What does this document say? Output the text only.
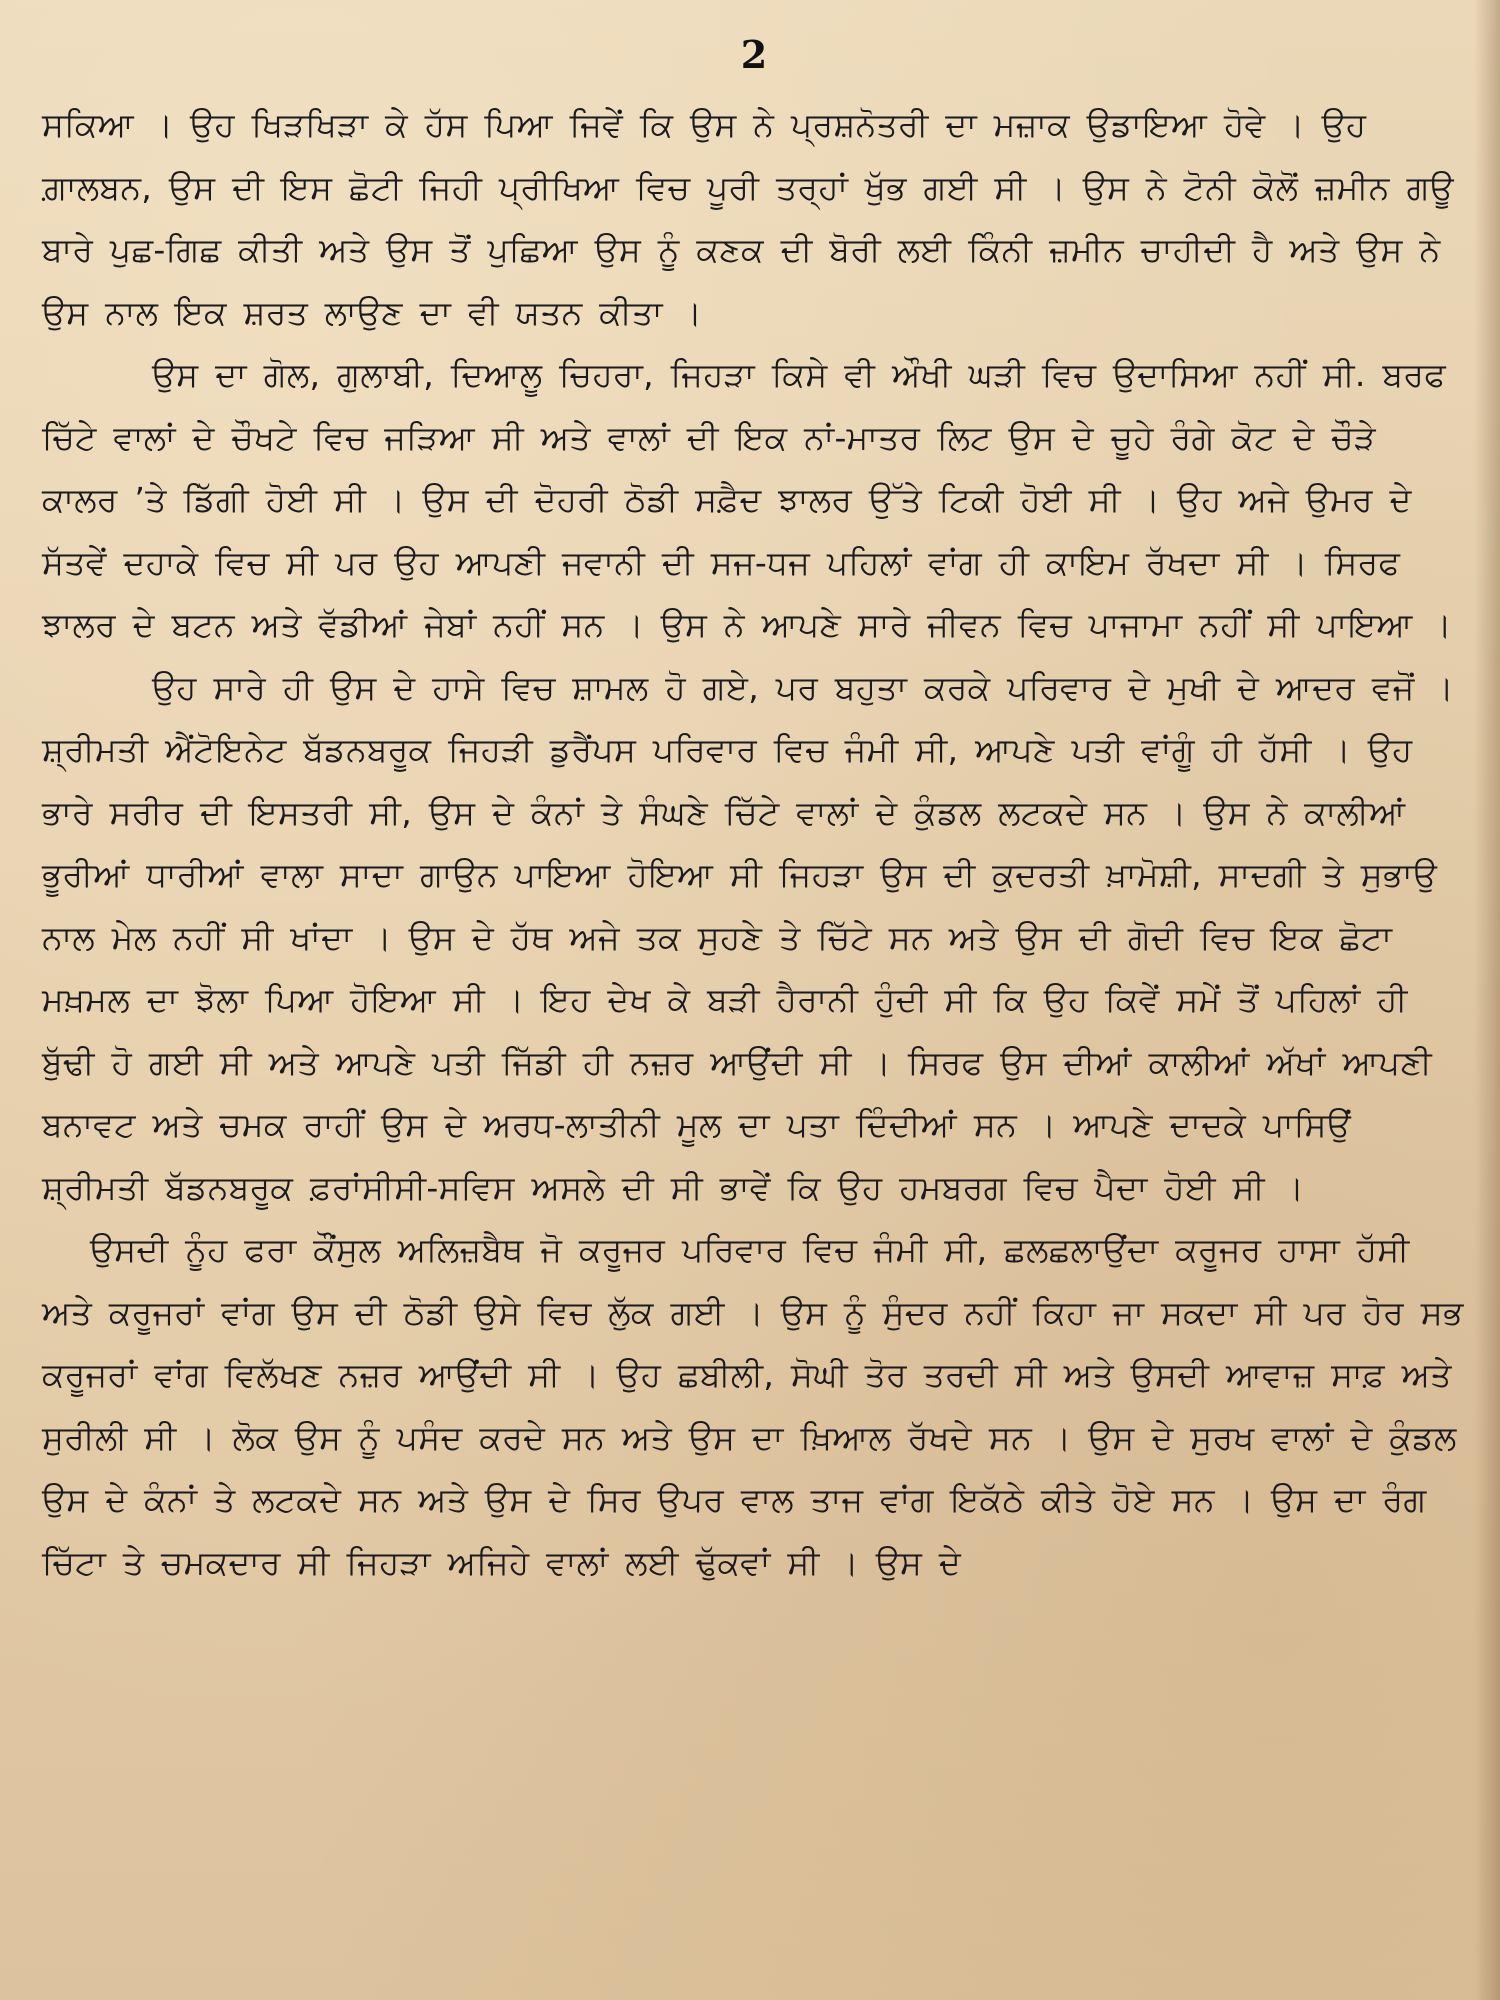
2

ਸਕਿਆ । ਉਹ ਖਿੜਖਿੜਾ ਕੇ ਹੱਸ ਪਿਆ ਜਿਵੇਂ ਕਿ ਉਸ ਨੇ ਪ੍ਰਸ਼ਨੋਤਰੀ ਦਾ ਮਜ਼ਾਕ ਉਡਾਇਆ ਹੋਵੇ । ਉਹ ਗ਼ਾਲਬਨ, ਉਸ ਦੀ ਇਸ ਛੋਟੀ ਜਿਹੀ ਪ੍ਰੀਖਿਆ ਵਿਚ ਪੂਰੀ ਤਰ੍ਹਾਂ ਖੁੱਭ ਗਈ ਸੀ । ਉਸ ਨੇ ਟੋਨੀ ਕੋਲੋਂ ਜ਼ਮੀਨ ਗਊ ਬਾਰੇ ਪੁਛ-ਗਿਛ ਕੀਤੀ ਅਤੇ ਉਸ ਤੋਂ ਪੁਛਿਆ ਉਸ ਨੂੰ ਕਣਕ ਦੀ ਬੋਰੀ ਲਈ ਕਿੰਨੀ ਜ਼ਮੀਨ ਚਾਹੀਦੀ ਹੈ ਅਤੇ ਉਸ ਨੇ ਉਸ ਨਾਲ ਇਕ ਸ਼ਰਤ ਲਾਉਣ ਦਾ ਵੀ ਯਤਨ ਕੀਤਾ ।

ਉਸ ਦਾ ਗੋਲ, ਗੁਲਾਬੀ, ਦਿਆਲੂ ਚਿਹਰਾ, ਜਿਹੜਾ ਕਿਸੇ ਵੀ ਔਖੀ ਘੜੀ ਵਿਚ ਉਦਾਸਿਆ ਨਹੀਂ ਸੀ. ਬਰਫ ਚਿੱਟੇ ਵਾਲਾਂ ਦੇ ਚੌਖਟੇ ਵਿਚ ਜੜਿਆ ਸੀ ਅਤੇ ਵਾਲਾਂ ਦੀ ਇਕ ਨਾਂ-ਮਾਤਰ ਲਿਟ ਉਸ ਦੇ ਚੂਹੇ ਰੰਗੇ ਕੋਟ ਦੇ ਚੌੜੇ ਕਾਲਰ ’ਤੇ ਡਿੱਗੀ ਹੋਈ ਸੀ । ਉਸ ਦੀ ਦੋਹਰੀ ਠੋਡੀ ਸਫ਼ੈਦ ਝਾਲਰ ਉੱਤੇ ਟਿਕੀ ਹੋਈ ਸੀ । ਉਹ ਅਜੇ ਉਮਰ ਦੇ ਸੱਤਵੇਂ ਦਹਾਕੇ ਵਿਚ ਸੀ ਪਰ ਉਹ ਆਪਣੀ ਜਵਾਨੀ ਦੀ ਸਜ-ਧਜ ਪਹਿਲਾਂ ਵਾਂਗ ਹੀ ਕਾਇਮ ਰੱਖਦਾ ਸੀ । ਸਿਰਫ ਝਾਲਰ ਦੇ ਬਟਨ ਅਤੇ ਵੱਡੀਆਂ ਜੇਬਾਂ ਨਹੀਂ ਸਨ । ਉਸ ਨੇ ਆਪਣੇ ਸਾਰੇ ਜੀਵਨ ਵਿਚ ਪਾਜਾਮਾ ਨਹੀਂ ਸੀ ਪਾਇਆ ।

ਉਹ ਸਾਰੇ ਹੀ ਉਸ ਦੇ ਹਾਸੇ ਵਿਚ ਸ਼ਾਮਲ ਹੋ ਗਏ, ਪਰ ਬਹੁਤਾ ਕਰਕੇ ਪਰਿਵਾਰ ਦੇ ਮੁਖੀ ਦੇ ਆਦਰ ਵਜੋਂ । ਸ਼੍ਰੀਮਤੀ ਐਂਟੋਇਨੇਟ ਬੱਡਨਬਰੂਕ ਜਿਹੜੀ ਡੁਰੈਂਪਸ ਪਰਿਵਾਰ ਵਿਚ ਜੰਮੀ ਸੀ, ਆਪਣੇ ਪਤੀ ਵਾਂਗੂੰ ਹੀ ਹੱਸੀ । ਉਹ ਭਾਰੇ ਸਰੀਰ ਦੀ ਇਸਤਰੀ ਸੀ, ਉਸ ਦੇ ਕੰਨਾਂ ਤੇ ਸੰਘਣੇ ਚਿੱਟੇ ਵਾਲਾਂ ਦੇ ਕੁੰਡਲ ਲਟਕਦੇ ਸਨ । ਉਸ ਨੇ ਕਾਲੀਆਂ ਭੂਰੀਆਂ ਧਾਰੀਆਂ ਵਾਲਾ ਸਾਦਾ ਗਾਉਨ ਪਾਇਆ ਹੋਇਆ ਸੀ ਜਿਹੜਾ ਉਸ ਦੀ ਕੁਦਰਤੀ ਖ਼ਾਮੋਸ਼ੀ, ਸਾਦਗੀ ਤੇ ਸੁਭਾਉ ਨਾਲ ਮੇਲ ਨਹੀਂ ਸੀ ਖਾਂਦਾ । ਉਸ ਦੇ ਹੱਥ ਅਜੇ ਤਕ ਸੁਹਣੇ ਤੇ ਚਿੱਟੇ ਸਨ ਅਤੇ ਉਸ ਦੀ ਗੋਦੀ ਵਿਚ ਇਕ ਛੋਟਾ ਮਖ਼ਮਲ ਦਾ ਝੋਲਾ ਪਿਆ ਹੋਇਆ ਸੀ । ਇਹ ਦੇਖ ਕੇ ਬੜੀ ਹੈਰਾਨੀ ਹੁੰਦੀ ਸੀ ਕਿ ਉਹ ਕਿਵੇਂ ਸਮੇਂ ਤੋਂ ਪਹਿਲਾਂ ਹੀ ਬੁੱਢੀ ਹੋ ਗਈ ਸੀ ਅਤੇ ਆਪਣੇ ਪਤੀ ਜਿੱਡੀ ਹੀ ਨਜ਼ਰ ਆਉਂਦੀ ਸੀ । ਸਿਰਫ ਉਸ ਦੀਆਂ ਕਾਲੀਆਂ ਅੱਖਾਂ ਆਪਣੀ ਬਨਾਵਟ ਅਤੇ ਚਮਕ ਰਾਹੀਂ ਉਸ ਦੇ ਅਰਧ-ਲਾਤੀਨੀ ਮੂਲ ਦਾ ਪਤਾ ਦਿੰਦੀਆਂ ਸਨ । ਆਪਣੇ ਦਾਦਕੇ ਪਾਸਿਉਂ ਸ਼੍ਰੀਮਤੀ ਬੱਡਨਬਰੂਕ ਫ਼ਰਾਂਸੀਸੀ-ਸਵਿਸ ਅਸਲੇ ਦੀ ਸੀ ਭਾਵੇਂ ਕਿ ਉਹ ਹਮਬਰਗ ਵਿਚ ਪੈਦਾ ਹੋਈ ਸੀ ।

ਉਸਦੀ ਨੂੰਹ ਫਰਾ ਕੌਂਸੁਲ ਅਲਿਜ਼ਬੈਥ ਜੋ ਕਰੂਜਰ ਪਰਿਵਾਰ ਵਿਚ ਜੰਮੀ ਸੀ, ਛਲਛਲਾਉਂਦਾ ਕਰੂਜਰ ਹਾਸਾ ਹੱਸੀ ਅਤੇ ਕਰੂਜਰਾਂ ਵਾਂਗ ਉਸ ਦੀ ਠੋਡੀ ਉਸੇ ਵਿਚ ਲੁੱਕ ਗਈ । ਉਸ ਨੂੰ ਸੁੰਦਰ ਨਹੀਂ ਕਿਹਾ ਜਾ ਸਕਦਾ ਸੀ ਪਰ ਹੋਰ ਸਭ ਕਰੂਜਰਾਂ ਵਾਂਗ ਵਿਲੱਖਣ ਨਜ਼ਰ ਆਉਂਦੀ ਸੀ । ਉਹ ਛਬੀਲੀ, ਸੋਘੀ ਤੋਰ ਤਰਦੀ ਸੀ ਅਤੇ ਉਸਦੀ ਆਵਾਜ਼ ਸਾਫ਼ ਅਤੇ ਸੁਰੀਲੀ ਸੀ । ਲੋਕ ਉਸ ਨੂੰ ਪਸੰਦ ਕਰਦੇ ਸਨ ਅਤੇ ਉਸ ਦਾ ਖ਼ਿਆਲ ਰੱਖਦੇ ਸਨ । ਉਸ ਦੇ ਸੁਰਖ ਵਾਲਾਂ ਦੇ ਕੁੰਡਲ ਉਸ ਦੇ ਕੰਨਾਂ ਤੇ ਲਟਕਦੇ ਸਨ ਅਤੇ ਉਸ ਦੇ ਸਿਰ ਉਪਰ ਵਾਲ ਤਾਜ ਵਾਂਗ ਇਕੱਠੇ ਕੀਤੇ ਹੋਏ ਸਨ । ਉਸ ਦਾ ਰੰਗ ਚਿੱਟਾ ਤੇ ਚਮਕਦਾਰ ਸੀ ਜਿਹੜਾ ਅਜਿਹੇ ਵਾਲਾਂ ਲਈ ਢੁੱਕਵਾਂ ਸੀ । ਉਸ ਦੇ
